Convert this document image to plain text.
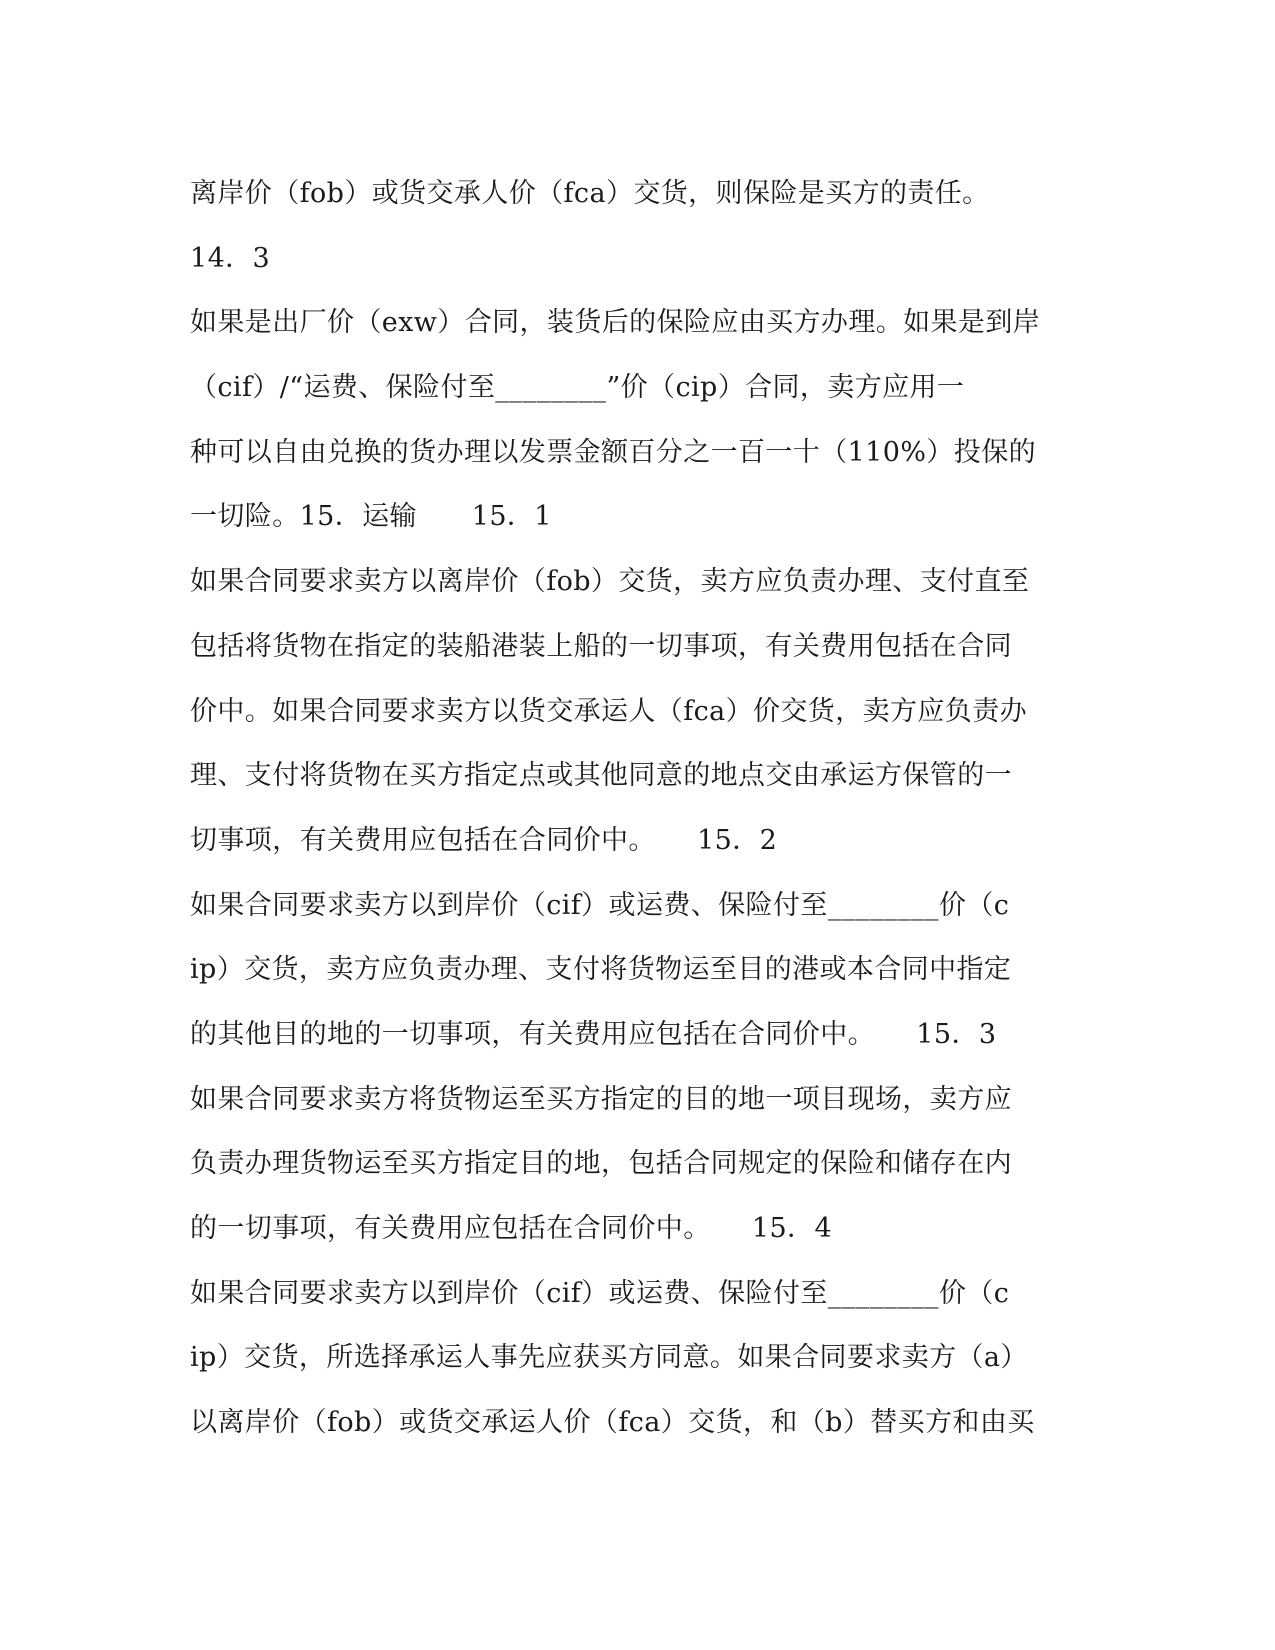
离岸价（fob）或货交承人价（fca）交货，则保险是买方的责任。
14．3
如果是出厂价（exw）合同，装货后的保险应由买方办理。如果是到岸
（cif）/“运费、保险付至________”价（cip）合同，卖方应用一
种可以自由兑换的货办理以发票金额百分之一百一十（110%）投保的
一切险。15．运输　　15．1
如果合同要求卖方以离岸价（fob）交货，卖方应负责办理、支付直至
包括将货物在指定的装船港装上船的一切事项，有关费用包括在合同
价中。如果合同要求卖方以货交承运人（fca）价交货，卖方应负责办
理、支付将货物在买方指定点或其他同意的地点交由承运方保管的一
切事项，有关费用应包括在合同价中。　　15．2
如果合同要求卖方以到岸价（cif）或运费、保险付至________价（c
ip）交货，卖方应负责办理、支付将货物运至目的港或本合同中指定
的其他目的地的一切事项，有关费用应包括在合同价中。　　15．3
如果合同要求卖方将货物运至买方指定的目的地一项目现场，卖方应
负责办理货物运至买方指定目的地，包括合同规定的保险和储存在内
的一切事项，有关费用应包括在合同价中。　　15．4
如果合同要求卖方以到岸价（cif）或运费、保险付至________价（c
ip）交货，所选择承运人事先应获买方同意。如果合同要求卖方（a）
以离岸价（fob）或货交承运人价（fca）交货，和（b）替买方和由买
